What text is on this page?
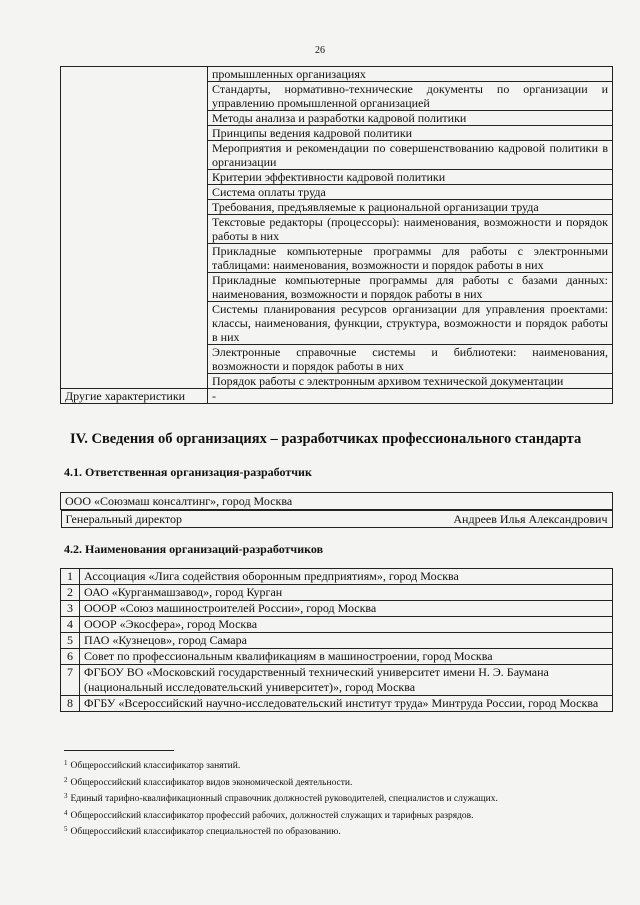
26
	промышленных организациях
	Стандарты, нормативно-технические документы по организации и управлению промышленной организацией
	Методы анализа и разработки кадровой политики
	Принципы ведения кадровой политики
	Мероприятия и рекомендации по совершенствованию кадровой политики в организации
	Критерии эффективности кадровой политики
	Система оплаты труда
	Требования, предъявляемые к рациональной организации труда
	Текстовые редакторы (процессоры): наименования, возможности и порядок работы в них
	Прикладные компьютерные программы для работы с электронными таблицами: наименования, возможности и порядок работы в них
	Прикладные компьютерные программы для работы с базами данных: наименования, возможности и порядок работы в них
	Системы планирования ресурсов организации для управления проектами: классы, наименования, функции, структура, возможности и порядок работы в них
	Электронные справочные системы и библиотеки: наименования, возможности и порядок работы в них
	Порядок работы с электронным архивом технической документации
Другие характеристики	-
IV. Сведения об организациях – разработчиках профессионального стандарта
4.1. Ответственная организация-разработчик
ООО «Союзмаш консалтинг», город Москва

Генеральный директор	Андреев Илья Александрович
4.2. Наименования организаций-разработчиков
1	Ассоциация «Лига содействия оборонным предприятиям», город Москва
2	ОАО «Курганмашзавод», город Курган
3	ОООР «Союз машиностроителей России», город Москва
4	ОООР «Экосфера», город Москва
5	ПАО «Кузнецов», город Самара
6	Совет по профессиональным квалификациям в машиностроении, город Москва
7	ФГБОУ ВО «Московский государственный технический университет имени Н. Э. Баумана (национальный исследовательский университет)», город Москва
8	ФГБУ «Всероссийский научно-исследовательский институт труда» Минтруда России, город Москва
$^1$ Общероссийский классификатор занятий.
$^2$ Общероссийский классификатор видов экономической деятельности.
$^3$ Единый тарифно-квалификационный справочник должностей руководителей, специалистов и служащих.
$^4$ Общероссийский классификатор профессий рабочих, должностей служащих и тарифных разрядов.
$^5$ Общероссийский классификатор специальностей по образованию.
